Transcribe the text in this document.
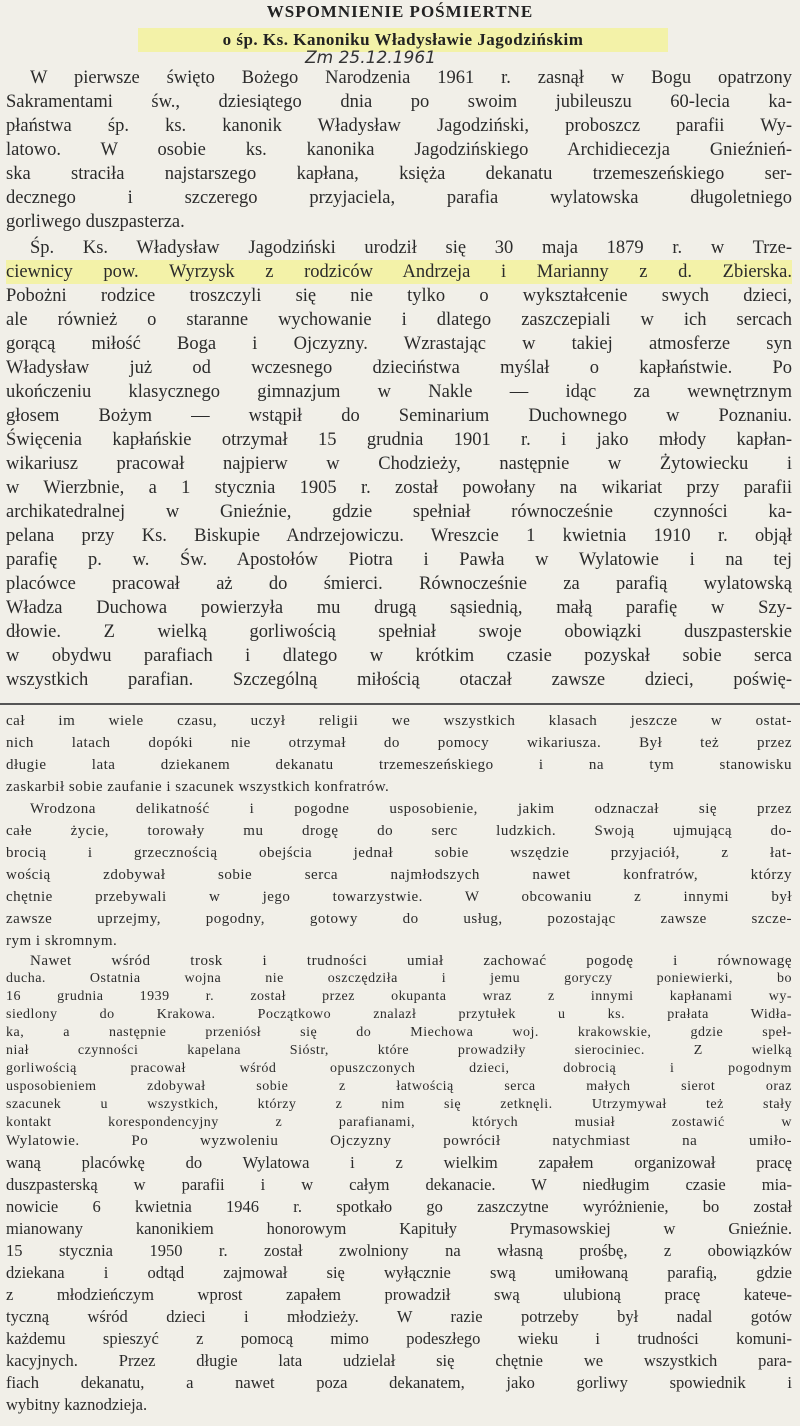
WSPOMNIENIE POŚMIERTNE
o śp. Ks. Kanoniku Władysławie Jagodzińskim
Zm 25.12.1961
W pierwsze święto Bożego Narodzenia 1961 r. zasnął w Bogu opatrzony
Sakramentami św., dziesiątego dnia po swoim jubileuszu 60-lecia ka-
płaństwa śp. ks. kanonik Władysław Jagodziński, proboszcz parafii Wy-
latowo. W osobie ks. kanonika Jagodzińskiego Archidiecezja Gnieźnień-
ska straciła najstarszego kapłana, księża dekanatu trzemeszeńskiego ser-
decznego i szczerego przyjaciela, parafia wylatowska długoletniego
gorliwego duszpasterza.
Śp. Ks. Władysław Jagodziński urodził się 30 maja 1879 r. w Trze-
ciewnicy pow. Wyrzysk z rodziców Andrzeja i Marianny z d. Zbierska.
Pobożni rodzice troszczyli się nie tylko o wykształcenie swych dzieci,
ale również o staranne wychowanie i dlatego zaszczepiali w ich sercach
gorącą miłość Boga i Ojczyzny. Wzrastając w takiej atmosferze syn
Władysław już od wczesnego dzieciństwa myślał o kapłaństwie. Po
ukończeniu klasycznego gimnazjum w Nakle — idąc za wewnętrznym
głosem Bożym — wstąpił do Seminarium Duchownego w Poznaniu.
Święcenia kapłańskie otrzymał 15 grudnia 1901 r. i jako młody kapłan-
wikariusz pracował najpierw w Chodzieży, następnie w Żytowiecku i
w Wierzbnie, a 1 stycznia 1905 r. został powołany na wikariat przy parafii
archikatedralnej w Gnieźnie, gdzie spełniał równocześnie czynności ka-
pelana przy Ks. Biskupie Andrzejowiczu. Wreszcie 1 kwietnia 1910 r. objął
parafię p. w. Św. Apostołów Piotra i Pawła w Wylatowie i na tej
placówce pracował aż do śmierci. Równocześnie za parafią wylatowską
Władza Duchowa powierzyła mu drugą sąsiednią, małą parafię w Szy-
dłowie. Z wielką gorliwością spełniał swoje obowiązki duszpasterskie
w obydwu parafiach i dlatego w krótkim czasie pozyskał sobie serca
wszystkich parafian. Szczególną miłością otaczał zawsze dzieci, poświę-
cał im wiele czasu, uczył religii we wszystkich klasach jeszcze w ostat-
nich latach dopóki nie otrzymał do pomocy wikariusza. Był też przez
długie lata dziekanem dekanatu trzemeszeńskiego i na tym stanowisku
zaskarbił sobie zaufanie i szacunek wszystkich konfratrów.
Wrodzona delikatność i pogodne usposobienie, jakim odznaczał się przez
całe życie, torowały mu drogę do serc ludzkich. Swoją ujmującą do-
brocią i grzecznością obejścia jednał sobie wszędzie przyjaciół, z łat-
wością zdobywał sobie serca najmłodszych nawet konfratrów, którzy
chętnie przebywali w jego towarzystwie. W obcowaniu z innymi był
zawsze uprzejmy, pogodny, gotowy do usług, pozostając zawsze szcze-
rym i skromnym.
Nawet wśród trosk i trudności umiał zachować pogodę i równowagę
ducha. Ostatnia wojna nie oszczędziła i jemu goryczy poniewierki, bo
16 grudnia 1939 r. został przez okupanta wraz z innymi kapłanami wy-
siedlony do Krakowa. Początkowo znalazł przytułek u ks. prałata Widła-
ka, a następnie przeniósł się do Miechowa woj. krakowskie, gdzie speł-
niał czynności kapelana Sióstr, które prowadziły sierociniec. Z wielką
gorliwością pracował wśród opuszczonych dzieci, dobrocią i pogodnym
usposobieniem zdobywał sobie z łatwością serca małych sierot oraz
szacunek u wszystkich, którzy z nim się zetknęli. Utrzymywał też stały
kontakt korespondencyjny z parafianami, których musiał zostawić w
Wylatowie. Po wyzwoleniu Ojczyzny powrócił natychmiast na umiło-
waną placówkę do Wylatowa i z wielkim zapałem organizował pracę
duszpasterską w parafii i w całym dekanacie. W niedługim czasie mia-
nowicie 6 kwietnia 1946 r. spotkało go zaszczytne wyróżnienie, bo został
mianowany kanonikiem honorowym Kapituły Prymasowskiej w Gnieźnie.
15 stycznia 1950 r. został zwolniony na własną prośbę, z obowiązków
dziekana i odtąd zajmował się wyłącznie swą umiłowaną parafią, gdzie
z młodzieńczym wprost zapałem prowadził swą ulubioną pracę katече-
tyczną wśród dzieci i młodzieży. W razie potrzeby był nadal gotów
każdemu spieszyć z pomocą mimo podeszłego wieku i trudności komuni-
kacyjnych. Przez długie lata udzielał się chętnie we wszystkich para-
fiach dekanatu, a nawet poza dekanatem, jako gorliwy spowiednik i
wybitny kaznodzieja.
